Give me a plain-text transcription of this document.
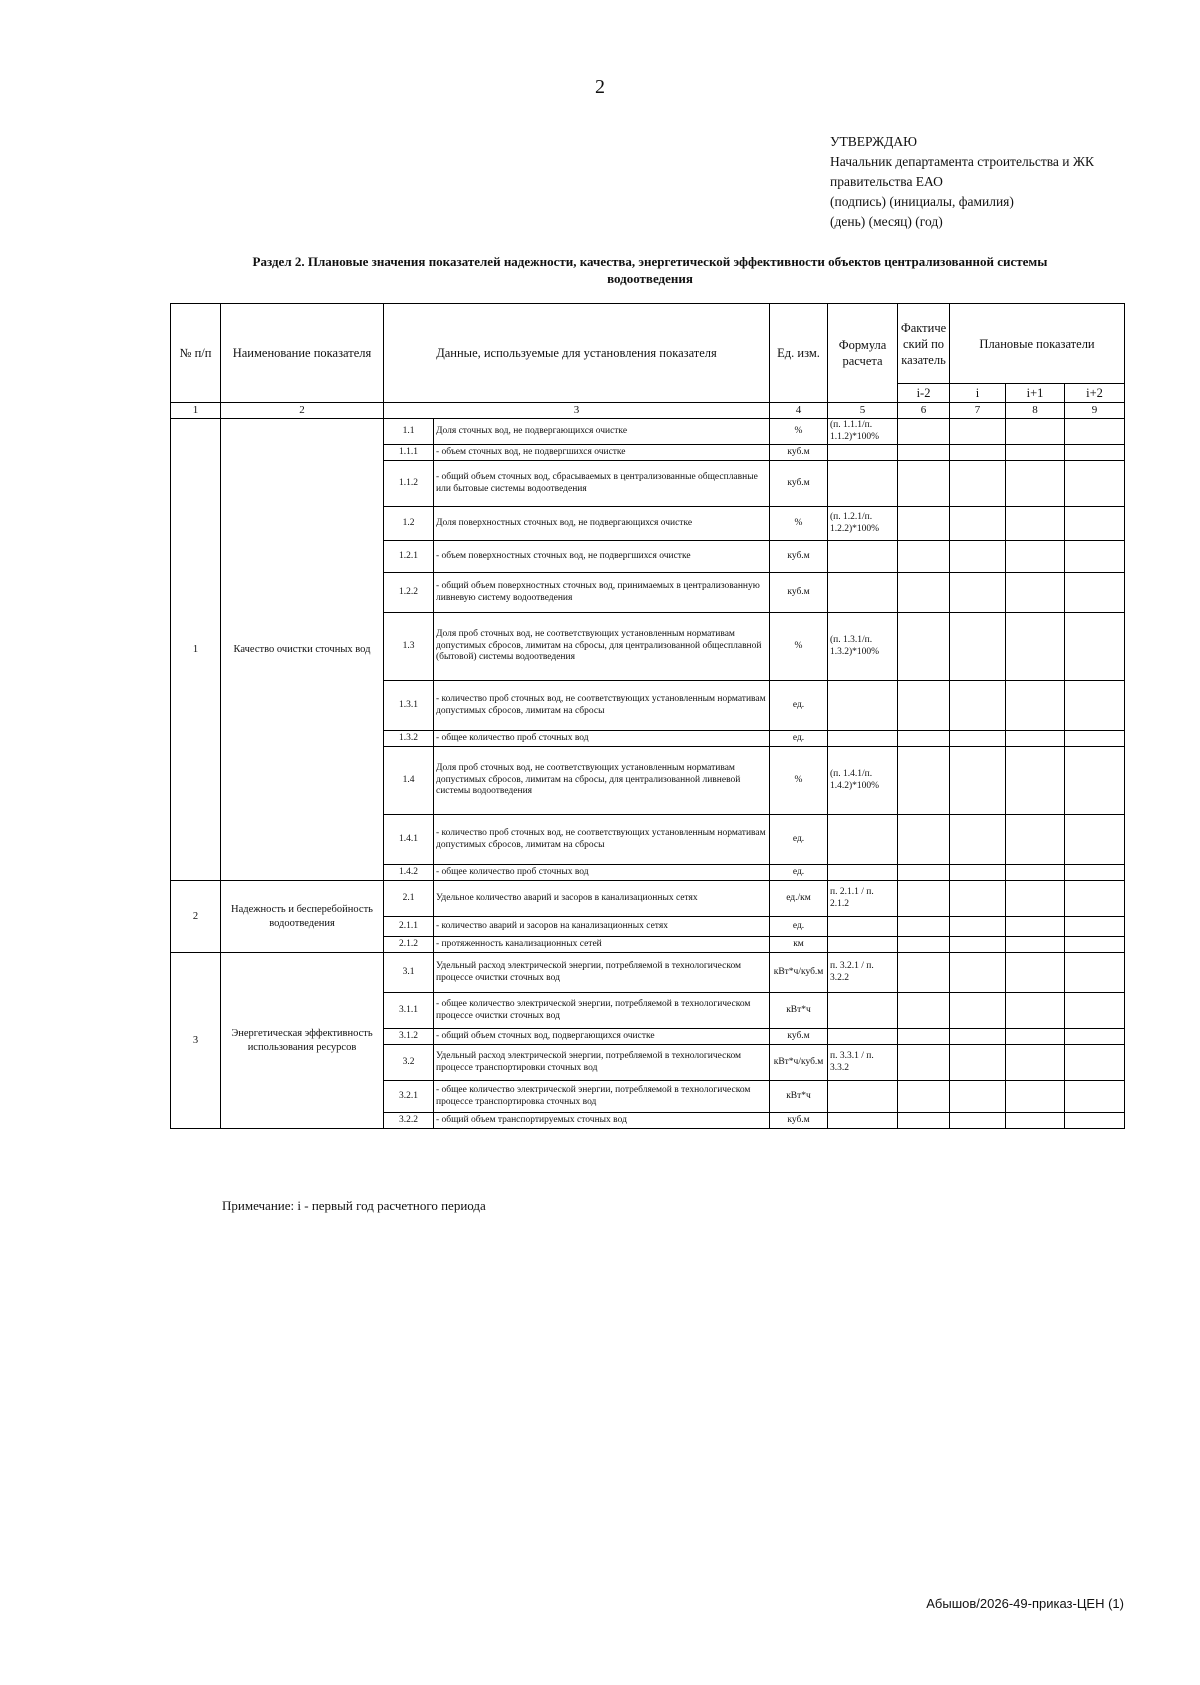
2
УТВЕРЖДАЮ
Начальник департамента строительства и ЖК
правительства ЕАО
(подпись) (инициалы, фамилия)
(день) (месяц) (год)
Раздел 2. Плановые значения показателей надежности, качества, энергетической эффективности объектов централизованной системы
водоотведения
№ п/п	Наименование показателя	Данные, используемые для установления показателя		Ед. изм.	Формула расчета	Фактический показатель	Плановые показатели		
						i-2	i	i+1	i+2
1	2	3		4	5	6	7	8	9
1	Качество очистки сточных вод	1.1	Доля сточных вод, не подвергающихся очистке	%	(п. 1.1.1/п. 1.1.2)*100%				
		1.1.1	- объем сточных вод, не подвергшихся очистке	куб.м					
		1.1.2	- общий объем сточных вод, сбрасываемых в централизованные общесплавные или бытовые системы водоотведения	куб.м					
		1.2	Доля поверхностных сточных вод, не подвергающихся очистке	%	(п. 1.2.1/п. 1.2.2)*100%				
		1.2.1	- объем поверхностных сточных вод, не подвергшихся очистке	куб.м					
		1.2.2	- общий объем поверхностных сточных вод, принимаемых в централизованную ливневую систему водоотведения	куб.м					
		1.3	Доля проб сточных вод, не соответствующих установленным нормативам допустимых сбросов, лимитам на сбросы, для централизованной общесплавной (бытовой) системы водоотведения	%	(п. 1.3.1/п. 1.3.2)*100%				
		1.3.1	- количество проб сточных вод, не соответствующих установленным нормативам допустимых сбросов, лимитам на сбросы	ед.					
		1.3.2	- общее количество проб сточных вод	ед.					
		1.4	Доля проб сточных вод, не соответствующих установленным нормативам допустимых сбросов, лимитам на сбросы, для централизованной ливневой системы водоотведения	%	(п. 1.4.1/п. 1.4.2)*100%				
		1.4.1	- количество проб сточных вод, не соответствующих установленным нормативам допустимых сбросов, лимитам на сбросы	ед.					
		1.4.2	- общее количество проб сточных вод	ед.					
2	Надежность и бесперебойность водоотведения	2.1	Удельное количество аварий и засоров в канализационных сетях	ед./км	п. 2.1.1 / п. 2.1.2				
		2.1.1	- количество аварий и засоров на канализационных сетях	ед.					
		2.1.2	- протяженность канализационных сетей	км					
3	Энергетическая эффективность использования ресурсов	3.1	Удельный расход электрической энергии, потребляемой в технологическом процессе очистки сточных вод	кВт*ч/куб.м	п. 3.2.1 / п. 3.2.2				
		3.1.1	- общее количество электрической энергии, потребляемой в технологическом процессе очистки сточных вод	кВт*ч					
		3.1.2	- общий объем сточных вод, подвергающихся очистке	куб.м					
		3.2	Удельный расход электрической энергии, потребляемой в технологическом процессе транспортировки сточных вод	кВт*ч/куб.м	п. 3.3.1 / п. 3.3.2				
		3.2.1	- общее количество электрической энергии, потребляемой в технологическом процессе транспортировка сточных вод	кВт*ч					
		3.2.2	- общий объем транспортируемых сточных вод	куб.м					
Примечание: i - первый год расчетного периода
Абышов/2026-49-приказ-ЦЕН (1)
